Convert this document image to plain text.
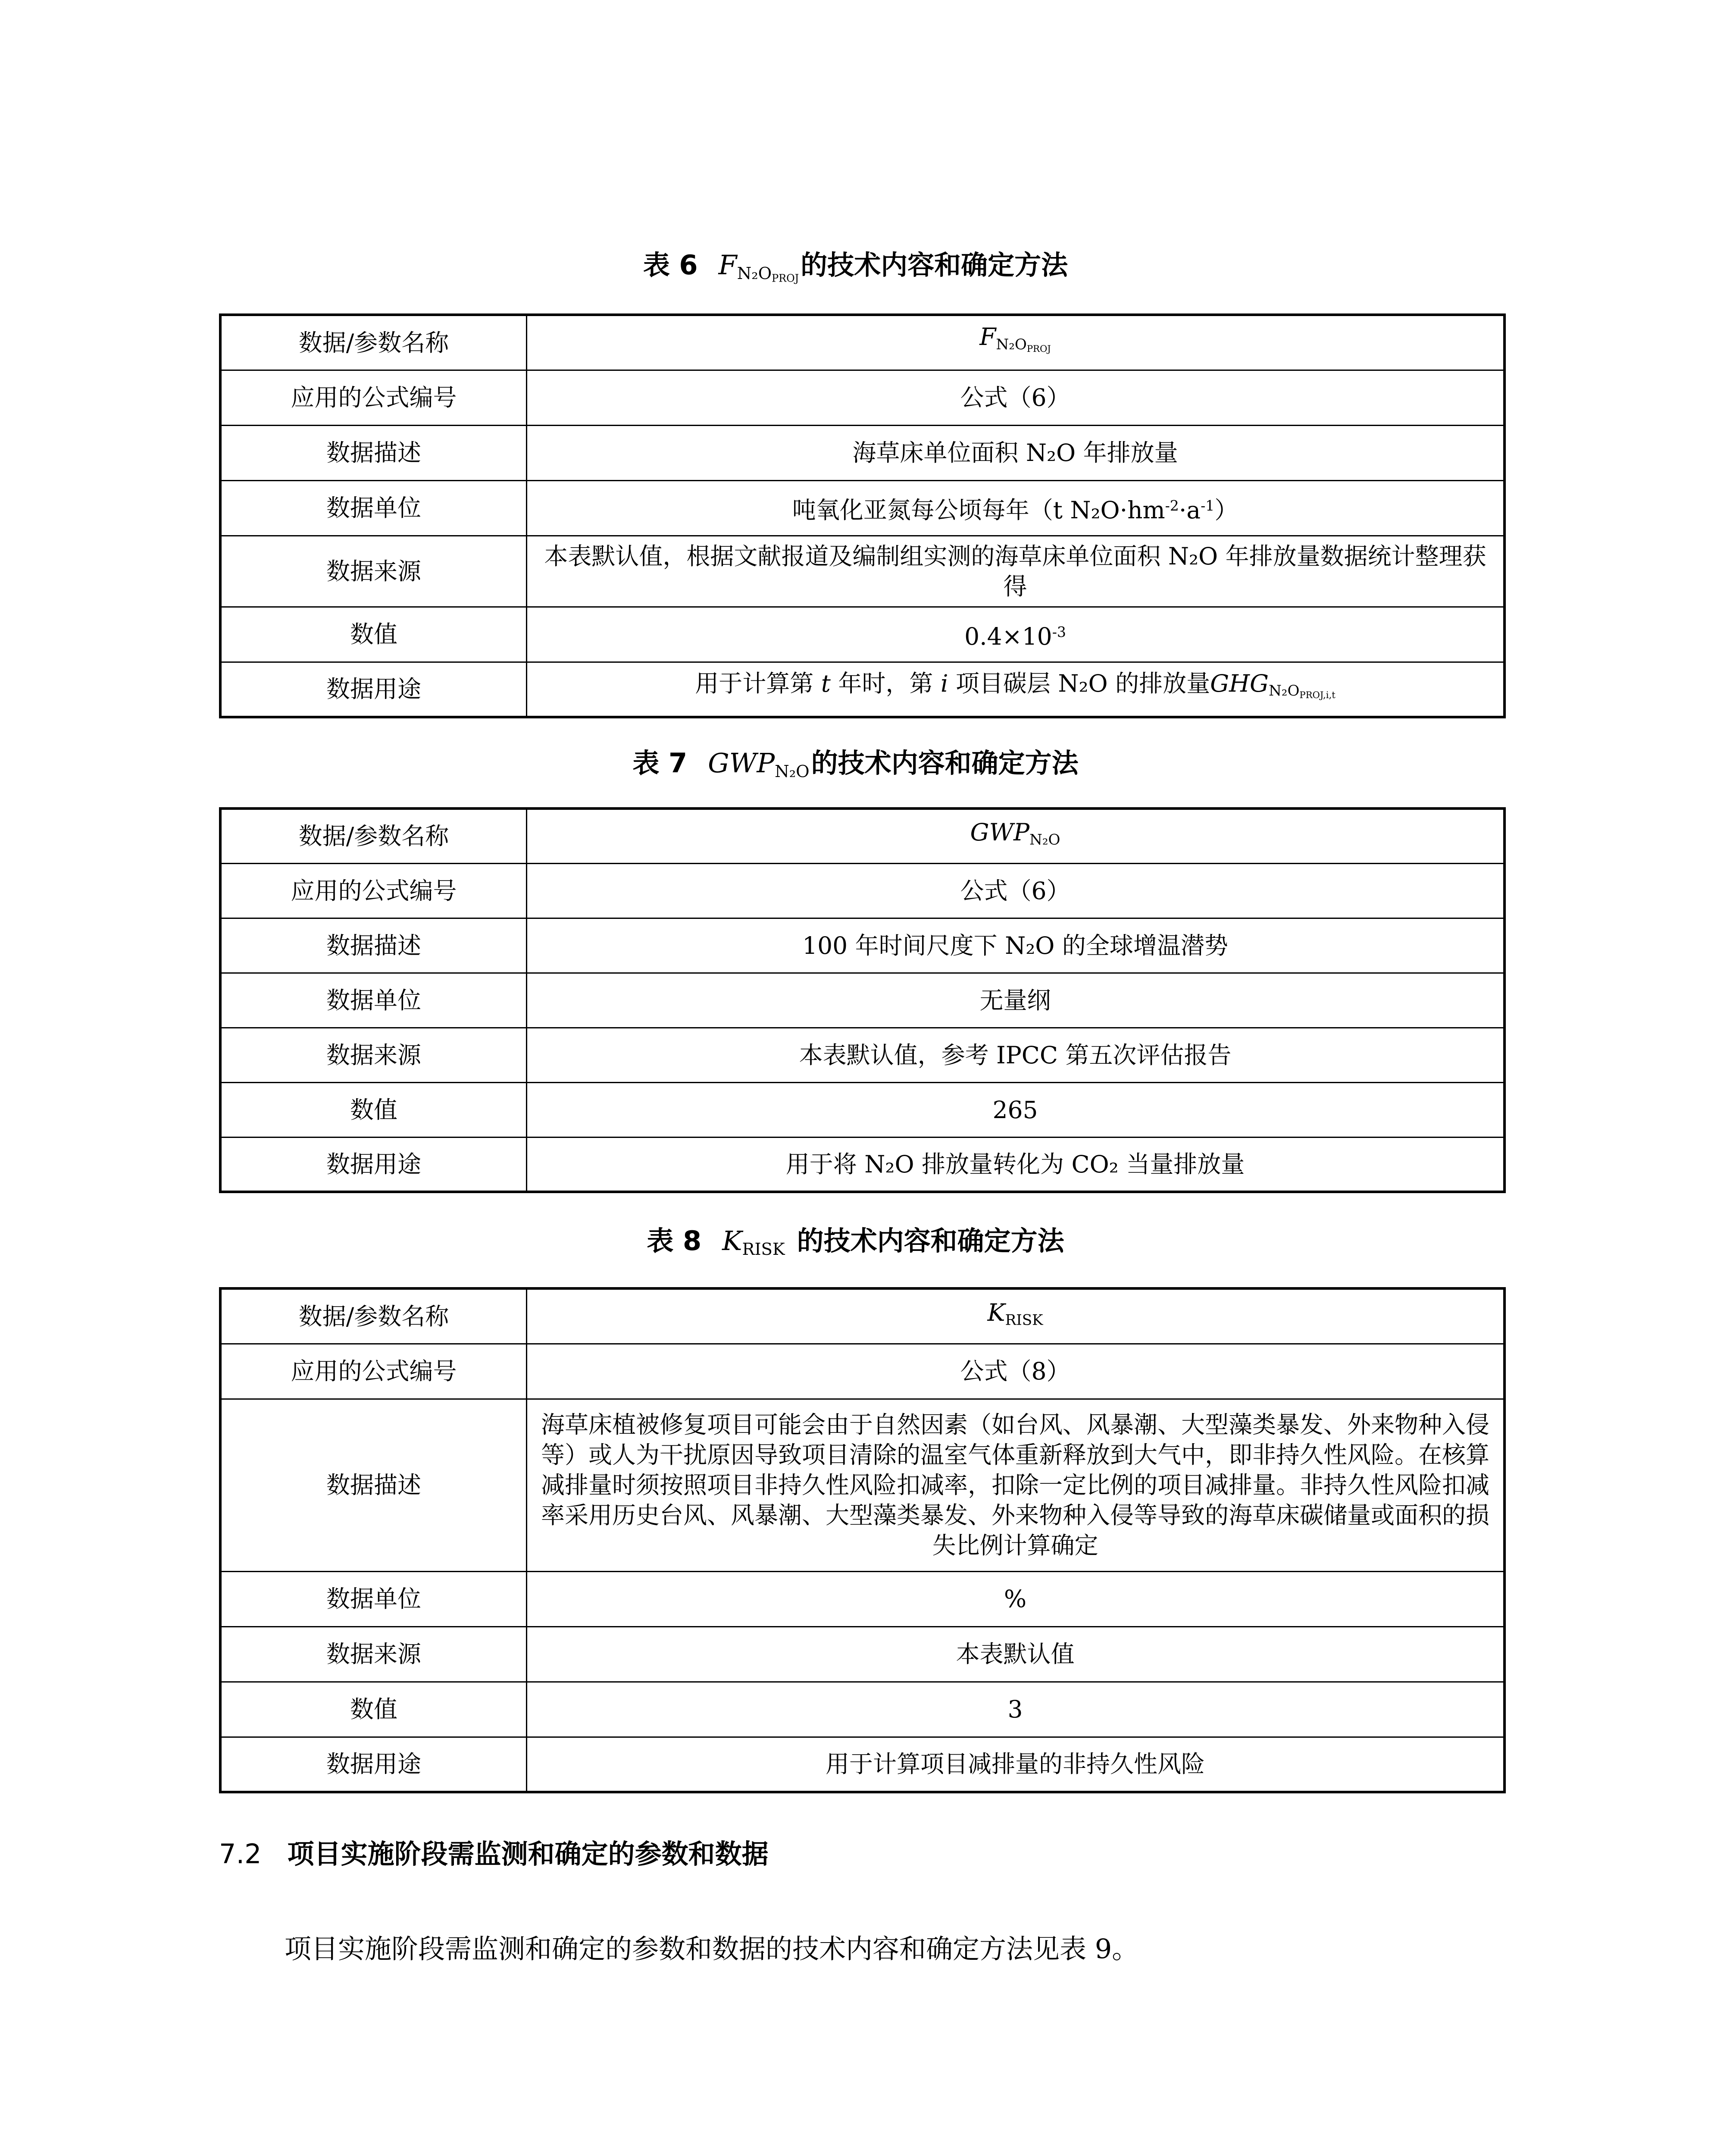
表 6 $F_{N_2O_{PROJ}}$的技术内容和确定方法
数据/参数名称	$F_{N_2O_{PROJ}}$
应用的公式编号	公式（6）
数据描述	海草床单位面积 N₂O 年排放量
数据单位	吨氧化亚氮每公顷每年（t $N_2O\cdot hm^{-2}\cdot a^{-1}$）
数据来源	本表默认值，根据文献报道及编制组实测的海草床单位面积 N₂O 年排放量数据统计整理获得
数值	$0.4\times 10^{-3}$
数据用途	用于计算第 t 年时，第 i 项目碳层 N₂O 的排放量$GHG_{N_2O_{PROJ,i,t}}$
表 7 $GWP_{N_2O}$的技术内容和确定方法
数据/参数名称	$GWP_{N_2O}$
应用的公式编号	公式（6）
数据描述	100 年时间尺度下 N₂O 的全球增温潜势
数据单位	无量纲
数据来源	本表默认值，参考 IPCC 第五次评估报告
数值	265
数据用途	用于将 N₂O 排放量转化为 CO₂ 当量排放量
表 8 $K_{RISK}$ 的技术内容和确定方法
数据/参数名称	$K_{RISK}$
应用的公式编号	公式（8）
数据描述	海草床植被修复项目可能会由于自然因素（如台风、风暴潮、大型藻类暴发、外来物种入侵等）或人为干扰原因导致项目清除的温室气体重新释放到大气中，即非持久性风险。在核算减排量时须按照项目非持久性风险扣减率，扣除一定比例的项目减排量。非持久性风险扣减率采用历史台风、风暴潮、大型藻类暴发、外来物种入侵等导致的海草床碳储量或面积的损失比例计算确定
数据单位	%
数据来源	本表默认值
数值	3
数据用途	用于计算项目减排量的非持久性风险
7.2 项目实施阶段需监测和确定的参数和数据
项目实施阶段需监测和确定的参数和数据的技术内容和确定方法见表 9。
